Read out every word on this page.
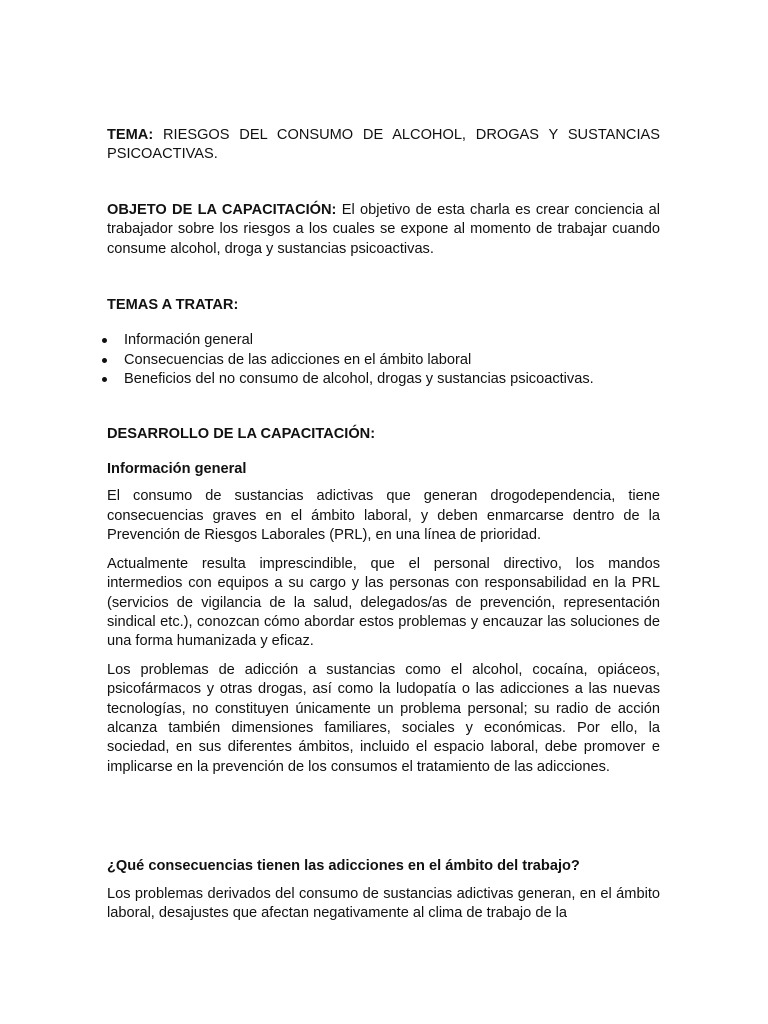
TEMA: RIESGOS DEL CONSUMO DE ALCOHOL, DROGAS Y SUSTANCIAS PSICOACTIVAS.

OBJETO DE LA CAPACITACIÓN: El objetivo de esta charla es crear conciencia al trabajador sobre los riesgos a los cuales se expone al momento de trabajar cuando consume alcohol, droga y sustancias psicoactivas.

TEMAS A TRATAR:

Información general
Consecuencias de las adicciones en el ámbito laboral
Beneficios del no consumo de alcohol, drogas y sustancias psicoactivas.

DESARROLLO DE LA CAPACITACIÓN:

Información general

El consumo de sustancias adictivas que generan drogodependencia, tiene consecuencias graves en el ámbito laboral, y deben enmarcarse dentro de la Prevención de Riesgos Laborales (PRL), en una línea de prioridad.

Actualmente resulta imprescindible, que el personal directivo, los mandos intermedios con equipos a su cargo y las personas con responsabilidad en la PRL (servicios de vigilancia de la salud, delegados/as de prevención, representación sindical etc.), conozcan cómo abordar estos problemas y encauzar las soluciones de una forma humanizada y eficaz.

Los problemas de adicción a sustancias como el alcohol, cocaína, opiáceos, psicofármacos y otras drogas, así como la ludopatía o las adicciones a las nuevas tecnologías, no constituyen únicamente un problema personal; su radio de acción alcanza también dimensiones familiares, sociales y económicas. Por ello, la sociedad, en sus diferentes ámbitos, incluido el espacio laboral, debe promover e implicarse en la prevención de los consumos el tratamiento de las adicciones.

¿Qué consecuencias tienen las adicciones en el ámbito del trabajo?

Los problemas derivados del consumo de sustancias adictivas generan, en el ámbito laboral, desajustes que afectan negativamente al clima de trabajo de la
